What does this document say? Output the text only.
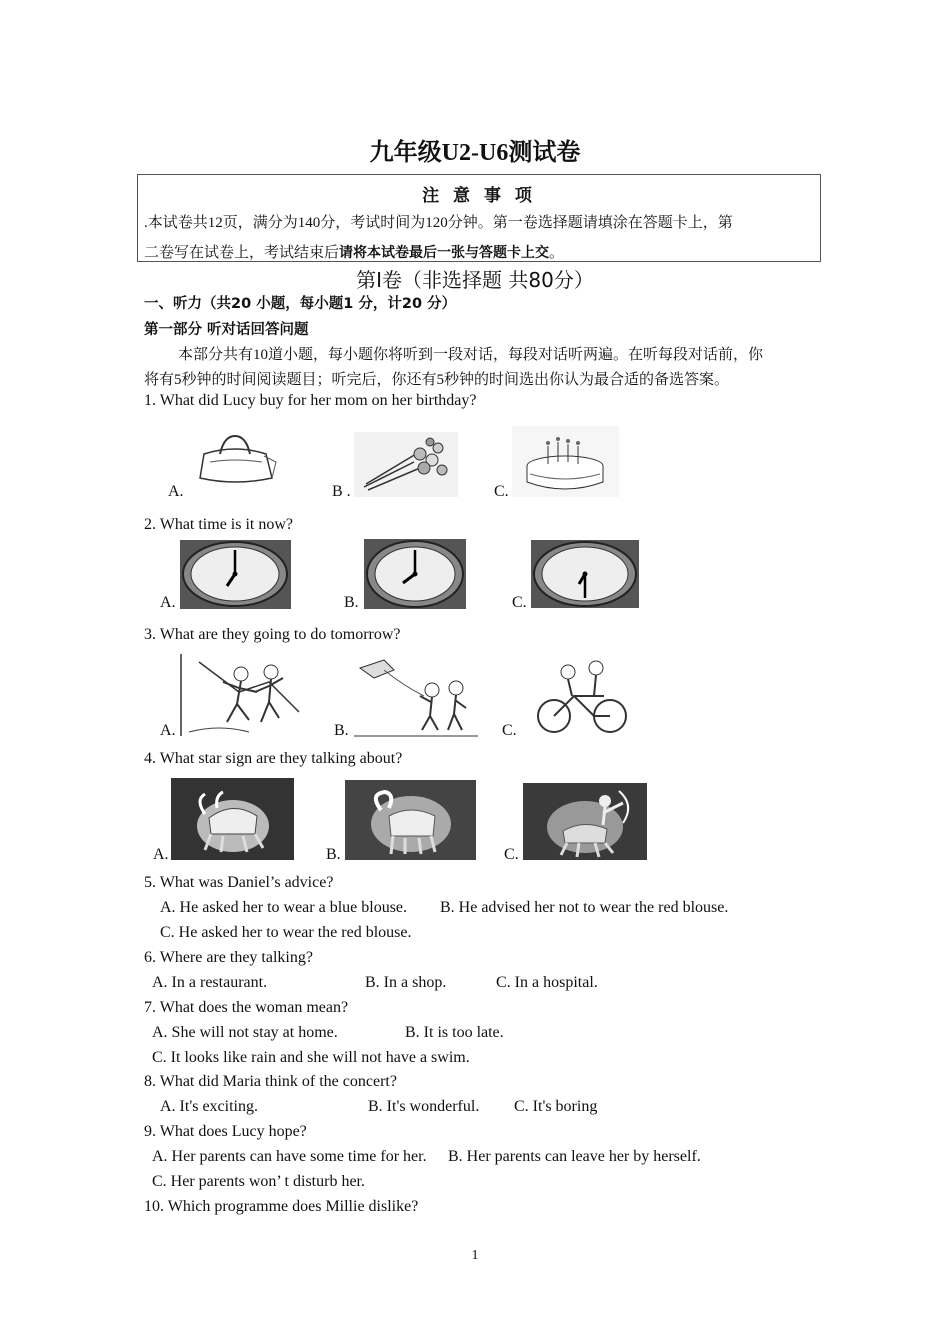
九年级U2-U6测试卷
注 意 事 项
.本试卷共12页，满分为140分，考试时间为120分钟。第一卷选择题请填涂在答题卡上，第
二卷写在试卷上，考试结束后请将本试卷最后一张与答题卡上交。
第Ⅰ卷（非选择题 共80分）
一、听力（共20 小题，每小题1 分，计20 分）
第一部分 听对话回答问题
本部分共有10道小题，每小题你将听到一段对话，每段对话听两遍。在听每段对话前，你
将有5秒钟的时间阅读题目；听完后，你还有5秒钟的时间选出你认为最合适的备选答案。
1. What did Lucy buy for her mom on her birthday?
A.	B .	C.
2. What time is it now?
A.	B.	C.
3. What are they going to do tomorrow?
A.	B.	C.
4. What star sign are they talking about?
A.	B.	C.
5. What was Daniel’s advice?
A. He asked her to wear a blue blouse. B. He advised her not to wear the red blouse.
C. He asked her to wear the red blouse.
6. Where are they talking?
A. In a restaurant.	B. In a shop.	C. In a hospital.
7. What does the woman mean?
A. She will not stay at home.	B. It is too late.
C. It looks like rain and she will not have a swim.
8. What did Maria think of the concert?
A. It's exciting.	B. It's wonderful. C. It's boring
9. What does Lucy hope?
A. Her parents can have some time for her. B. Her parents can leave her by herself.
C. Her parents won’ t disturb her.
10. Which programme does Millie dislike?
1
